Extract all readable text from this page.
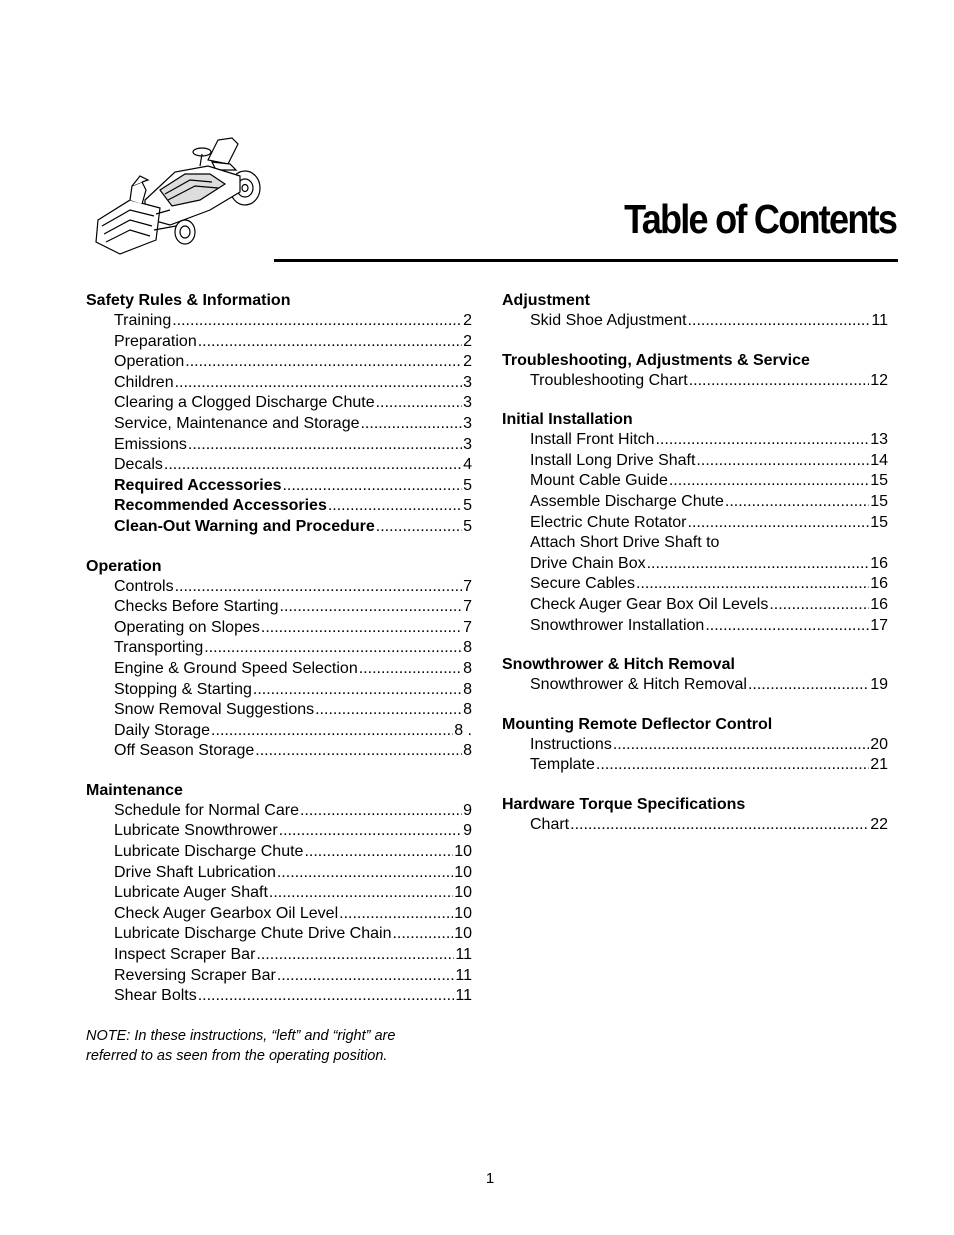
Table of Contents
Safety Rules & Information
Training .....	2
Preparation .....	2
Operation .....	2
Children .....	3
Clearing a Clogged Discharge Chute .....	3
Service, Maintenance and Storage .....	3
Emissions .....	3
Decals .....	4
Required Accessories .....	5
Recommended Accessories .....	5
Clean-Out Warning and Procedure .....	5
Operation
Controls .....	7
Checks Before Starting .....	7
Operating on Slopes .....	7
Transporting .....	8
Engine & Ground Speed Selection .....	8
Stopping & Starting .....	8
Snow Removal Suggestions .....	8
Daily Storage .....	8 .
Off Season Storage .....	8
Maintenance
Schedule for Normal Care .....	9
Lubricate Snowthrower .....	9
Lubricate Discharge Chute .....	10
Drive Shaft Lubrication .....	10
Lubricate Auger Shaft .....	10
Check Auger Gearbox Oil Level .....	10
Lubricate Discharge Chute Drive Chain .....	10
Inspect Scraper Bar .....	11
Reversing Scraper Bar .....	11
Shear Bolts .....	11
NOTE: In these instructions, “left” and “right” are referred to as seen from the operating position.
Adjustment
Skid Shoe Adjustment .....	11
Troubleshooting, Adjustments & Service
Troubleshooting Chart .....	12
Initial Installation
Install Front Hitch .....	13
Install Long Drive Shaft .....	14
Mount Cable Guide .....	15
Assemble Discharge Chute .....	15
Electric Chute Rotator .....	15
Attach Short Drive Shaft to
Drive Chain Box .....	16
Secure Cables .....	16
Check Auger Gear Box Oil Levels .....	16
Snowthrower Installation .....	17
Snowthrower & Hitch Removal
Snowthrower & Hitch Removal .....	19
Mounting Remote Deflector Control
Instructions .....	20
Template .....	21
Hardware Torque Specifications
Chart .....	22
1
